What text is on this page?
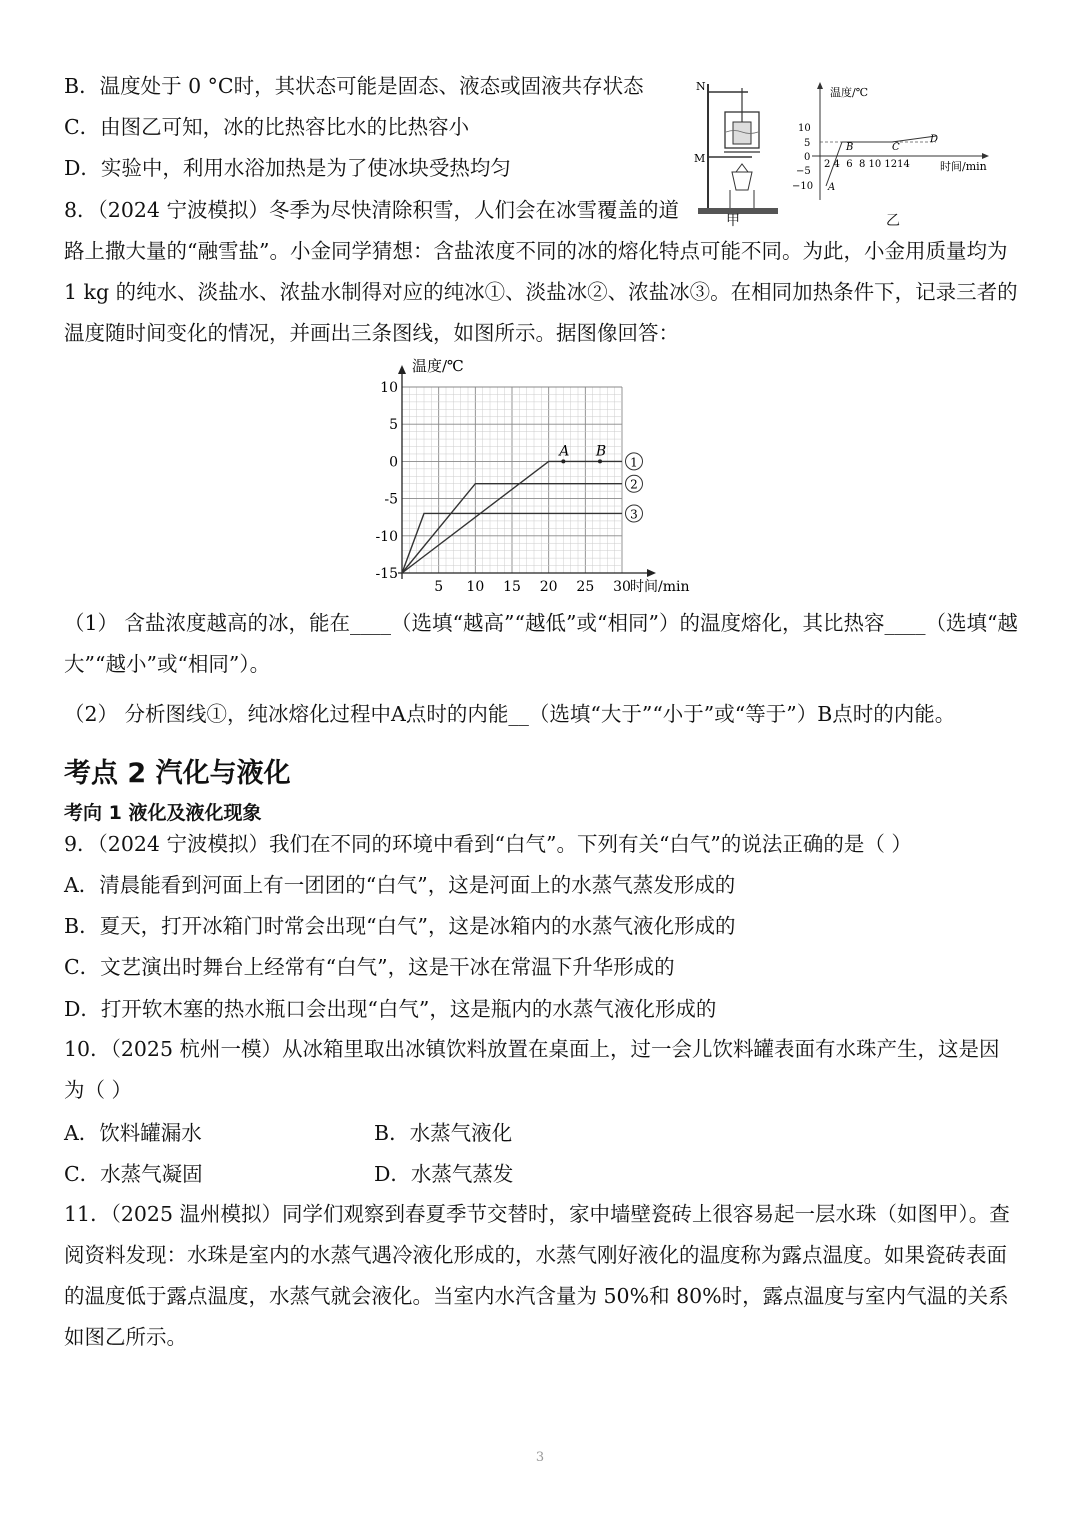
B．温度处于 0 °C时，其状态可能是固态、液态或固液共存状态
C．由图乙可知，冰的比热容比水的比热容小
D．实验中，利用水浴加热是为了使冰块受热均匀
N
M
甲
温度/℃
时间/min
10
5
0
−5
−10
2 4  6  8 10 1214
A
B	C
D
乙
8．（2024 宁波模拟）冬季为尽快清除积雪，人们会在冰雪覆盖的道
路上撒大量的“融雪盐”。小金同学猜想：含盐浓度不同的冰的熔化特点可能不同。为此，小金用质量均为 1 kg 的纯水、淡盐水、浓盐水制得对应的纯冰①、淡盐冰②、浓盐冰③。在相同加热条件下，记录三者的温度随时间变化的情况，并画出三条图线，如图所示。据图像回答：
温度/℃
时间/min
-15
-10
-5
0
5
10
5 10 15 20 25 30
1
2
3
A B
（1） 含盐浓度越高的冰，能在____（选填“越高”“越低”或“相同”）的温度熔化，其比热容____（选填“越大”“越小”或“相同”）。
（2） 分析图线①，纯冰熔化过程中A点时的内能__（选填“大于”“小于”或“等于”）B点时的内能。
考点 2 汽化与液化
考向 1 液化及液化现象
9．（2024 宁波模拟）我们在不同的环境中看到“白气”。下列有关“白气”的说法正确的是（ ）
A．清晨能看到河面上有一团团的“白气”，这是河面上的水蒸气蒸发形成的
B．夏天，打开冰箱门时常会出现“白气”，这是冰箱内的水蒸气液化形成的
C．文艺演出时舞台上经常有“白气”，这是干冰在常温下升华形成的
D．打开软木塞的热水瓶口会出现“白气”，这是瓶内的水蒸气液化形成的
10．（2025 杭州一模）从冰箱里取出冰镇饮料放置在桌面上，过一会儿饮料罐表面有水珠产生，这是因为（ ）
A．饮料罐漏水	B．水蒸气液化
C．水蒸气凝固	D．水蒸气蒸发
11．（2025 温州模拟）同学们观察到春夏季节交替时，家中墙壁瓷砖上很容易起一层水珠（如图甲）。查阅资料发现：水珠是室内的水蒸气遇冷液化形成的，水蒸气刚好液化的温度称为露点温度。如果瓷砖表面的温度低于露点温度，水蒸气就会液化。当室内水汽含量为 50%和 80%时，露点温度与室内气温的关系如图乙所示。
3
